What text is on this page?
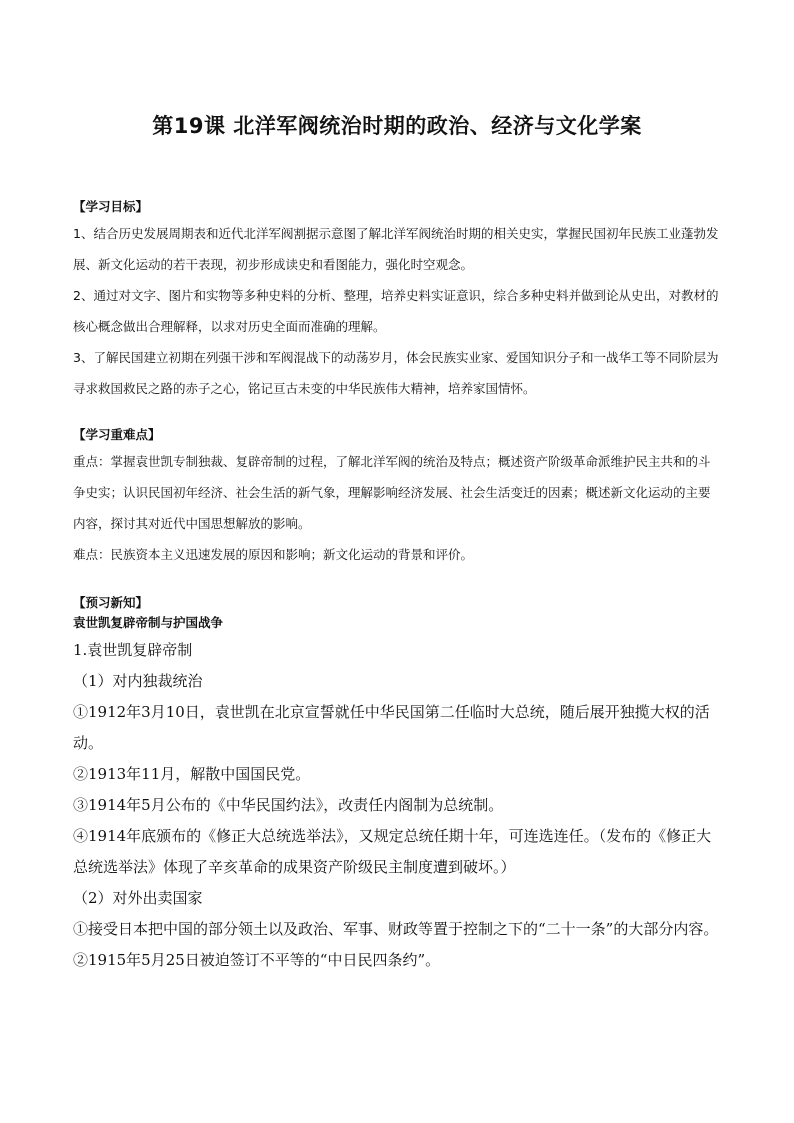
第19课 北洋军阀统治时期的政治、经济与文化学案

【学习目标】

1、结合历史发展周期表和近代北洋军阀割据示意图了解北洋军阀统治时期的相关史实，掌握民国初年民族工业蓬勃发展、新文化运动的若干表现，初步形成读史和看图能力，强化时空观念。

2、通过对文字、图片和实物等多种史料的分析、整理，培养史料实证意识，综合多种史料并做到论从史出，对教材的核心概念做出合理解释，以求对历史全面而准确的理解。

3、了解民国建立初期在列强干涉和军阀混战下的动荡岁月，体会民族实业家、爱国知识分子和一战华工等不同阶层为寻求救国救民之路的赤子之心，铭记亘古未变的中华民族伟大精神，培养家国情怀。

【学习重难点】

重点：掌握袁世凯专制独裁、复辟帝制的过程，了解北洋军阀的统治及特点；概述资产阶级革命派维护民主共和的斗争史实；认识民国初年经济、社会生活的新气象，理解影响经济发展、社会生活变迁的因素；概述新文化运动的主要内容，探讨其对近代中国思想解放的影响。

难点：民族资本主义迅速发展的原因和影响；新文化运动的背景和评价。

【预习新知】

袁世凯复辟帝制与护国战争

1.袁世凯复辟帝制

（1）对内独裁统治

①1912年3月10日，袁世凯在北京宣誓就任中华民国第二任临时大总统，随后展开独揽大权的活动。

②1913年11月，解散中国国民党。

③1914年5月公布的《中华民国约法》，改责任内阁制为总统制。

④1914年底颁布的《修正大总统选举法》，又规定总统任期十年，可连选连任。（发布的《修正大总统选举法》体现了辛亥革命的成果资产阶级民主制度遭到破坏。）

（2）对外出卖国家

①接受日本把中国的部分领土以及政治、军事、财政等置于控制之下的“二十一条”的大部分内容。

②1915年5月25日被迫签订不平等的“中日民四条约”。
